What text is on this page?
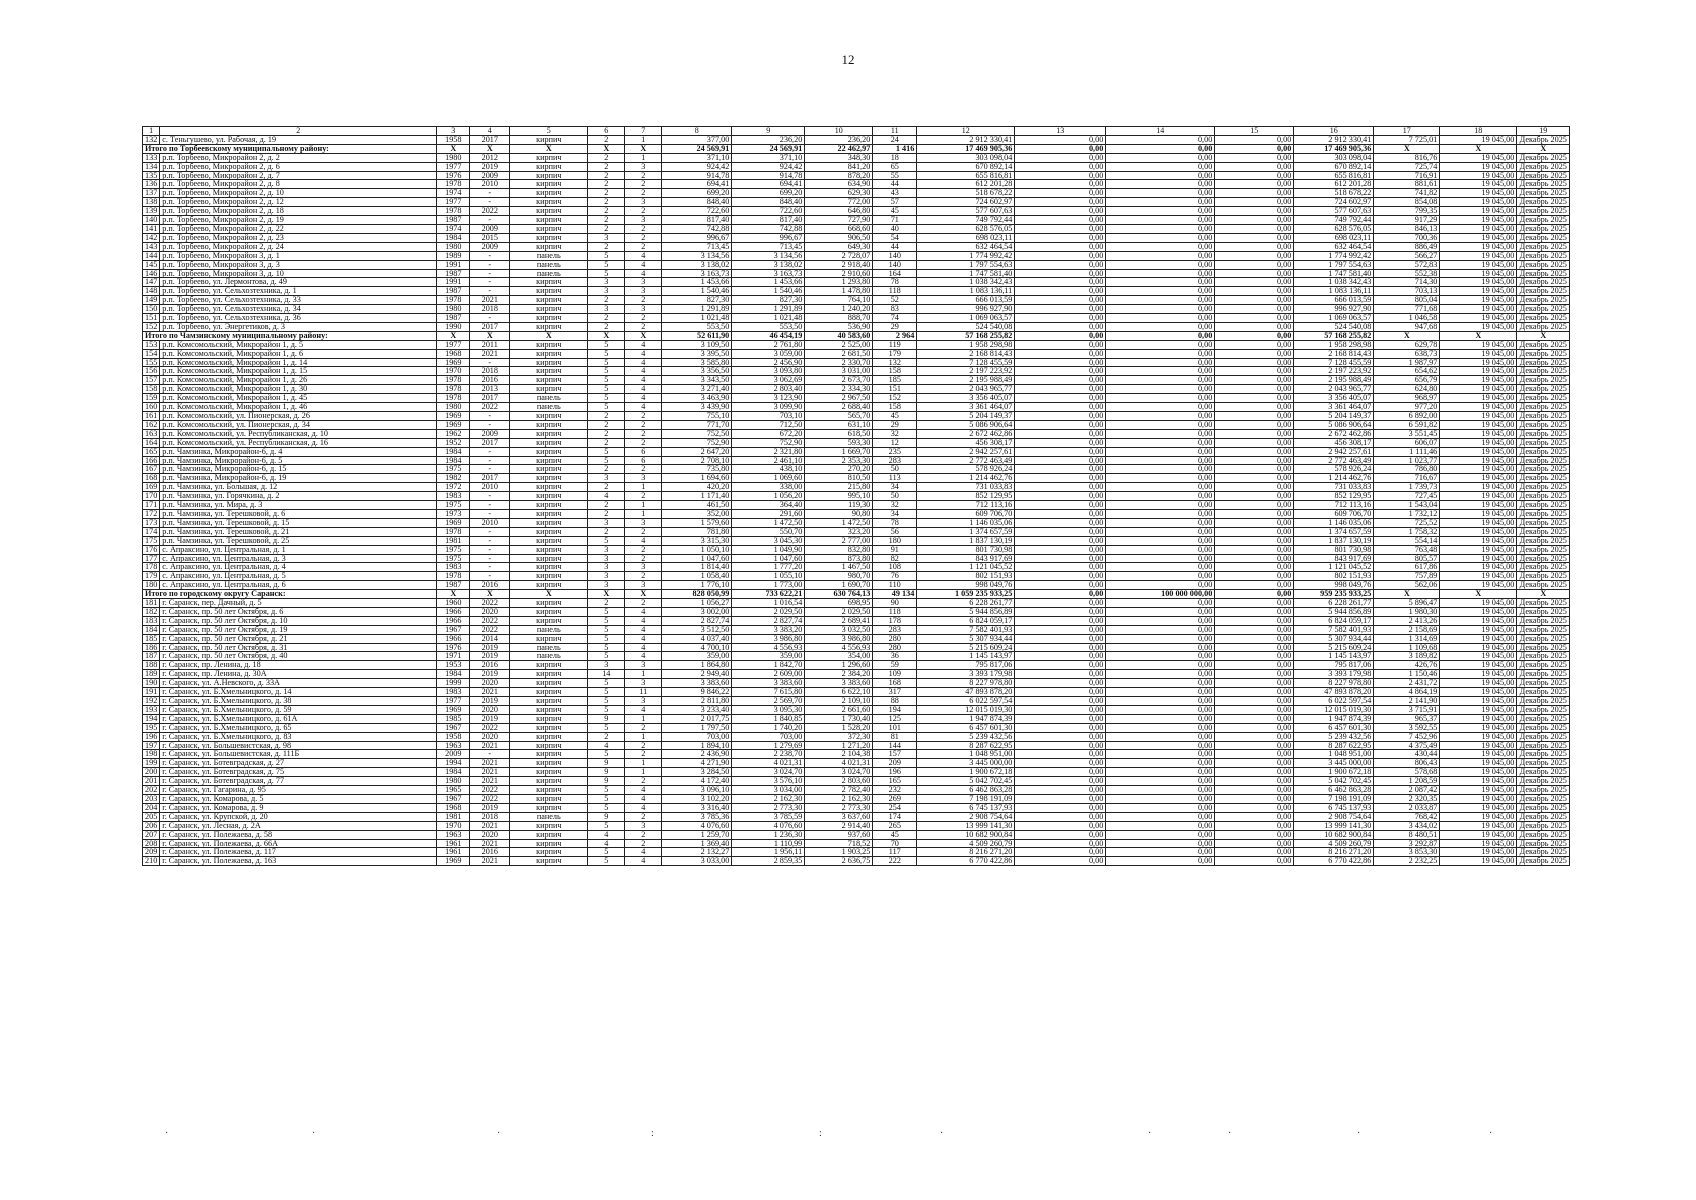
12
1	2	3	4	5	6	7	8	9	10	11	12	13	14	15	16	17	18	19
132	с. Теньгушево, ул. Рабочая, д. 19	1958	2017	кирпич	2	1	377,00	236,20	236,20	24	2 912 330,41	0,00	0,00	0,00	2 912 330,41	7 725,01	19 045,00	Декабрь 2025
Итого по Торбеевскому муниципальному району:		X	X	X	X	X	24 569,91	24 569,91	22 462,97	1 416	17 469 905,36	0,00	0,00	0,00	17 469 905,36	X	X	X
133	р.п. Торбеево, Микрорайон 2, д. 2	1980	2012	кирпич	2	1	371,10	371,10	348,30	18	303 098,04	0,00	0,00	0,00	303 098,04	816,76	19 045,00	Декабрь 2025
134	р.п. Торбеево, Микрорайон 2, д. 6	1977	2019	кирпич	2	3	924,42	924,42	841,20	65	670 892,14	0,00	0,00	0,00	670 892,14	725,74	19 045,00	Декабрь 2025
135	р.п. Торбеево, Микрорайон 2, д. 7	1976	2009	кирпич	2	2	914,78	914,78	878,20	55	655 816,81	0,00	0,00	0,00	655 816,81	716,91	19 045,00	Декабрь 2025
136	р.п. Торбеево, Микрорайон 2, д. 8	1978	2010	кирпич	2	2	694,41	694,41	634,90	44	612 201,28	0,00	0,00	0,00	612 201,28	881,61	19 045,00	Декабрь 2025
137	р.п. Торбеево, Микрорайон 2, д. 10	1974	-	кирпич	2	2	699,20	699,20	629,30	43	518 678,22	0,00	0,00	0,00	518 678,22	741,82	19 045,00	Декабрь 2025
138	р.п. Торбеево, Микрорайон 2, д. 12	1977	-	кирпич	2	3	848,40	848,40	772,00	57	724 602,97	0,00	0,00	0,00	724 602,97	854,08	19 045,00	Декабрь 2025
139	р.п. Торбеево, Микрорайон 2, д. 18	1978	2022	кирпич	2	2	722,60	722,60	646,80	45	577 607,63	0,00	0,00	0,00	577 607,63	799,35	19 045,00	Декабрь 2025
140	р.п. Торбеево, Микрорайон 2, д. 19	1987	-	кирпич	2	3	817,40	817,40	727,90	71	749 792,44	0,00	0,00	0,00	749 792,44	917,29	19 045,00	Декабрь 2025
141	р.п. Торбеево, Микрорайон 2, д. 22	1974	2009	кирпич	2	2	742,88	742,88	668,60	40	628 576,05	0,00	0,00	0,00	628 576,05	846,13	19 045,00	Декабрь 2025
142	р.п. Торбеево, Микрорайон 2, д. 23	1984	2015	кирпич	3	2	996,67	996,67	906,50	54	698 023,11	0,00	0,00	0,00	698 023,11	700,36	19 045,00	Декабрь 2025
143	р.п. Торбеево, Микрорайон 2, д. 24	1980	2009	кирпич	2	2	713,45	713,45	649,30	44	632 464,54	0,00	0,00	0,00	632 464,54	886,49	19 045,00	Декабрь 2025
144	р.п. Торбеево, Микрорайон 3, д. 1	1989	-	панель	5	4	3 134,56	3 134,56	2 728,07	140	1 774 992,42	0,00	0,00	0,00	1 774 992,42	566,27	19 045,00	Декабрь 2025
145	р.п. Торбеево, Микрорайон 3, д. 3	1991	-	панель	5	4	3 138,02	3 138,02	2 918,40	140	1 797 554,63	0,00	0,00	0,00	1 797 554,63	572,83	19 045,00	Декабрь 2025
146	р.п. Торбеево, Микрорайон 3, д. 10	1987	-	панель	5	4	3 163,73	3 163,73	2 910,60	164	1 747 581,40	0,00	0,00	0,00	1 747 581,40	552,38	19 045,00	Декабрь 2025
147	р.п. Торбеево, ул. Лермонтова, д. 49	1991	-	кирпич	3	3	1 453,66	1 453,66	1 293,80	78	1 038 342,43	0,00	0,00	0,00	1 038 342,43	714,30	19 045,00	Декабрь 2025
148	р.п. Торбеево, ул. Сельхозтехника, д. 1	1987	-	кирпич	3	3	1 540,46	1 540,46	1 478,80	118	1 083 136,11	0,00	0,00	0,00	1 083 136,11	703,13	19 045,00	Декабрь 2025
149	р.п. Торбеево, ул. Сельхозтехника, д. 33	1978	2021	кирпич	2	2	827,30	827,30	764,10	52	666 013,59	0,00	0,00	0,00	666 013,59	805,04	19 045,00	Декабрь 2025
150	р.п. Торбеево, ул. Сельхозтехника, д. 34	1980	2018	кирпич	3	3	1 291,89	1 291,89	1 240,20	83	996 927,90	0,00	0,00	0,00	996 927,90	771,68	19 045,00	Декабрь 2025
151	р.п. Торбеево, ул. Сельхозтехника, д. 36	1987	-	кирпич	2	2	1 021,48	1 021,48	888,70	74	1 069 063,57	0,00	0,00	0,00	1 069 063,57	1 046,58	19 045,00	Декабрь 2025
152	р.п. Торбеево, ул. Энергетиков, д. 3	1990	2017	кирпич	2	2	553,50	553,50	536,90	29	524 540,08	0,00	0,00	0,00	524 540,08	947,68	19 045,00	Декабрь 2025
Итого по Чамзинскому муниципальному району:		X	X	X	X	X	52 611,90	46 454,19	40 583,60	2 964	57 168 255,82	0,00	0,00	0,00	57 168 255,82	X	X	X
153	р.п. Комсомольский, Микрорайон 1, д. 5	1977	2011	кирпич	5	4	3 109,50	2 761,80	2 525,00	119	1 958 298,98	0,00	0,00	0,00	1 958 298,98	629,78	19 045,00	Декабрь 2025
154	р.п. Комсомольский, Микрорайон 1, д. 6	1968	2021	кирпич	5	4	3 395,50	3 059,00	2 681,50	179	2 168 814,43	0,00	0,00	0,00	2 168 814,43	638,73	19 045,00	Декабрь 2025
155	р.п. Комсомольский, Микрорайон 1, д. 14	1969	-	кирпич	5	4	3 585,80	2 456,90	2 330,70	132	7 128 455,59	0,00	0,00	0,00	7 128 455,59	1 987,97	19 045,00	Декабрь 2025
156	р.п. Комсомольский, Микрорайон 1, д. 15	1970	2018	кирпич	5	4	3 356,50	3 093,80	3 031,00	158	2 197 223,92	0,00	0,00	0,00	2 197 223,92	654,62	19 045,00	Декабрь 2025
157	р.п. Комсомольский, Микрорайон 1, д. 26	1978	2016	кирпич	5	4	3 343,50	3 062,69	2 673,70	185	2 195 988,49	0,00	0,00	0,00	2 195 988,49	656,79	19 045,00	Декабрь 2025
158	р.п. Комсомольский, Микрорайон 1, д. 30	1978	2013	кирпич	5	4	3 271,40	2 803,40	2 334,30	151	2 043 965,77	0,00	0,00	0,00	2 043 965,77	624,80	19 045,00	Декабрь 2025
159	р.п. Комсомольский, Микрорайон 1, д. 45	1978	2017	панель	5	4	3 463,90	3 123,90	2 967,50	152	3 356 405,07	0,00	0,00	0,00	3 356 405,07	968,97	19 045,00	Декабрь 2025
160	р.п. Комсомольский, Микрорайон 1, д. 46	1980	2022	панель	5	4	3 439,90	3 099,90	2 688,40	158	3 361 464,07	0,00	0,00	0,00	3 361 464,07	977,20	19 045,00	Декабрь 2025
161	р.п. Комсомольский, ул. Пионерская, д. 26	1969	-	кирпич	2	2	755,10	703,10	565,70	45	5 204 149,37	0,00	0,00	0,00	5 204 149,37	6 892,00	19 045,00	Декабрь 2025
162	р.п. Комсомольский, ул. Пионерская, д. 34	1969	-	кирпич	2	2	771,70	712,50	631,10	29	5 086 906,64	0,00	0,00	0,00	5 086 906,64	6 591,82	19 045,00	Декабрь 2025
163	р.п. Комсомольский, ул. Республиканская, д. 10	1962	2009	кирпич	2	2	752,50	672,20	618,50	32	2 672 462,86	0,00	0,00	0,00	2 672 462,86	3 551,45	19 045,00	Декабрь 2025
164	р.п. Комсомольский, ул. Республиканская, д. 16	1952	2017	кирпич	2	2	752,90	752,90	593,30	12	456 308,17	0,00	0,00	0,00	456 308,17	606,07	19 045,00	Декабрь 2025
165	р.п. Чамзинка, Микрорайон-6, д. 4	1984	-	кирпич	5	6	2 647,20	2 321,80	1 669,70	235	2 942 257,61	0,00	0,00	0,00	2 942 257,61	1 111,46	19 045,00	Декабрь 2025
166	р.п. Чамзинка, Микрорайон-6, д. 5	1984	-	кирпич	5	6	2 708,10	2 461,10	2 353,30	283	2 772 463,49	0,00	0,00	0,00	2 772 463,49	1 023,77	19 045,00	Декабрь 2025
167	р.п. Чамзинка, Микрорайон-6, д. 15	1975	-	кирпич	2	2	735,80	438,10	270,20	50	578 926,24	0,00	0,00	0,00	578 926,24	786,80	19 045,00	Декабрь 2025
168	р.п. Чамзинка, Микрорайон-6, д. 19	1982	2017	кирпич	3	3	1 694,60	1 069,60	810,50	113	1 214 462,76	0,00	0,00	0,00	1 214 462,76	716,67	19 045,00	Декабрь 2025
169	р.п. Чамзинка, ул. Большая, д. 12	1972	2010	кирпич	2	1	420,20	338,00	215,80	34	731 033,83	0,00	0,00	0,00	731 033,83	1 739,73	19 045,00	Декабрь 2025
170	р.п. Чамзинка, ул. Горячкина, д. 2	1983	-	кирпич	4	2	1 171,40	1 056,20	995,10	50	852 129,95	0,00	0,00	0,00	852 129,95	727,45	19 045,00	Декабрь 2025
171	р.п. Чамзинка, ул. Мира, д. 3	1975	-	кирпич	2	1	461,50	364,40	119,30	32	712 113,16	0,00	0,00	0,00	712 113,16	1 543,04	19 045,00	Декабрь 2025
172	р.п. Чамзинка, ул. Терешковой, д. 6	1973	-	кирпич	2	1	352,00	291,60	90,80	34	609 706,70	0,00	0,00	0,00	609 706,70	1 732,12	19 045,00	Декабрь 2025
173	р.п. Чамзинка, ул. Терешковой, д. 15	1969	2010	кирпич	3	3	1 579,60	1 472,50	1 472,50	78	1 146 035,06	0,00	0,00	0,00	1 146 035,06	725,52	19 045,00	Декабрь 2025
174	р.п. Чамзинка, ул. Терешковой, д. 21	1978	-	кирпич	2	2	781,80	550,70	323,20	56	1 374 657,59	0,00	0,00	0,00	1 374 657,59	1 758,32	19 045,00	Декабрь 2025
175	р.п. Чамзинка, ул. Терешковой, д. 25	1981	-	кирпич	5	4	3 315,30	3 045,30	2 777,00	180	1 837 130,19	0,00	0,00	0,00	1 837 130,19	554,14	19 045,00	Декабрь 2025
176	с. Апраксино, ул. Центральная, д. 1	1975	-	кирпич	3	2	1 050,10	1 049,90	832,80	91	801 730,98	0,00	0,00	0,00	801 730,98	763,48	19 045,00	Декабрь 2025
177	с. Апраксино, ул. Центральная, д. 3	1975	-	кирпич	3	2	1 047,60	1 047,60	873,80	82	843 917,69	0,00	0,00	0,00	843 917,69	805,57	19 045,00	Декабрь 2025
178	с. Апраксино, ул. Центральная, д. 4	1983	-	кирпич	3	3	1 814,40	1 777,20	1 467,50	108	1 121 045,52	0,00	0,00	0,00	1 121 045,52	617,86	19 045,00	Декабрь 2025
179	с. Апраксино, ул. Центральная, д. 5	1978	-	кирпич	3	2	1 058,40	1 055,10	980,70	76	802 151,93	0,00	0,00	0,00	802 151,93	757,89	19 045,00	Декабрь 2025
180	с. Апраксино, ул. Центральная, д. 6	1987	2016	кирпич	3	3	1 776,10	1 773,00	1 690,70	110	998 049,76	0,00	0,00	0,00	998 049,76	562,06	19 045,00	Декабрь 2025
Итого по городскому округу Саранск:		X	X	X	X	X	828 050,99	733 622,21	630 764,13	49 134	1 059 235 933,25	0,00	100 000 000,00	0,00	959 235 933,25	X	X	X
181	г. Саранск, пер. Дачный, д. 5	1960	2022	кирпич	2	2	1 056,27	1 016,54	698,95	90	6 228 261,77	0,00	0,00	0,00	6 228 261,77	5 896,47	19 045,00	Декабрь 2025
182	г. Саранск, пр. 50 лет Октября, д. 6	1966	2020	кирпич	5	4	3 002,00	2 029,50	2 029,50	118	5 944 856,89	0,00	0,00	0,00	5 944 856,89	1 980,30	19 045,00	Декабрь 2025
183	г. Саранск, пр. 50 лет Октября, д. 10	1966	2022	кирпич	5	4	2 827,74	2 827,74	2 689,41	178	6 824 059,17	0,00	0,00	0,00	6 824 059,17	2 413,26	19 045,00	Декабрь 2025
184	г. Саранск, пр. 50 лет Октября, д. 19	1967	2022	панель	5	4	3 512,50	3 383,20	3 032,50	283	7 582 401,93	0,00	0,00	0,00	7 582 401,93	2 158,69	19 045,00	Декабрь 2025
185	г. Саранск, пр. 50 лет Октября, д. 21	1966	2014	кирпич	5	4	4 037,40	3 986,80	3 986,80	280	5 307 934,44	0,00	0,00	0,00	5 307 934,44	1 314,69	19 045,00	Декабрь 2025
186	г. Саранск, пр. 50 лет Октября, д. 31	1976	2019	панель	5	4	4 700,10	4 556,93	4 556,93	280	5 215 609,24	0,00	0,00	0,00	5 215 609,24	1 109,68	19 045,00	Декабрь 2025
187	г. Саранск, пр. 50 лет Октября, д. 40	1971	2019	панель	5	4	359,00	359,00	354,00	36	1 145 143,97	0,00	0,00	0,00	1 145 143,97	3 189,82	19 045,00	Декабрь 2025
188	г. Саранск, пр. Ленина, д. 18	1953	2016	кирпич	3	3	1 864,80	1 842,70	1 296,60	59	795 817,06	0,00	0,00	0,00	795 817,06	426,76	19 045,00	Декабрь 2025
189	г. Саранск, пр. Ленина, д. 30А	1984	2019	кирпич	14	1	2 949,40	2 609,00	2 384,20	109	3 393 179,98	0,00	0,00	0,00	3 393 179,98	1 150,46	19 045,00	Декабрь 2025
190	г. Саранск, ул. А.Невского, д. 33А	1999	2020	кирпич	5	3	3 383,60	3 383,60	3 383,60	168	8 227 978,80	0,00	0,00	0,00	8 227 978,80	2 431,72	19 045,00	Декабрь 2025
191	г. Саранск, ул. Б.Хмельницкого, д. 14	1983	2021	кирпич	5	11	9 846,22	7 615,80	6 622,10	317	47 893 878,20	0,00	0,00	0,00	47 893 878,20	4 864,19	19 045,00	Декабрь 2025
192	г. Саранск, ул. Б.Хмельницкого, д. 38	1977	2019	кирпич	5	3	2 811,80	2 569,70	2 109,10	88	6 022 597,54	0,00	0,00	0,00	6 022 597,54	2 141,90	19 045,00	Декабрь 2025
193	г. Саранск, ул. Б.Хмельницкого, д. 59	1969	2020	кирпич	5	4	3 233,40	3 095,30	2 661,60	194	12 015 019,30	0,00	0,00	0,00	12 015 019,30	3 715,91	19 045,00	Декабрь 2025
194	г. Саранск, ул. Б.Хмельницкого, д. 61А	1985	2019	кирпич	9	1	2 017,75	1 840,85	1 730,40	125	1 947 874,39	0,00	0,00	0,00	1 947 874,39	965,37	19 045,00	Декабрь 2025
195	г. Саранск, ул. Б.Хмельницкого, д. 65	1967	2022	кирпич	5	2	1 797,50	1 740,20	1 528,20	101	6 457 601,30	0,00	0,00	0,00	6 457 601,30	3 592,55	19 045,00	Декабрь 2025
196	г. Саранск, ул. Б.Хмельницкого, д. 83	1958	2020	кирпич	2	1	703,00	703,00	372,30	81	5 239 432,56	0,00	0,00	0,00	5 239 432,56	7 452,96	19 045,00	Декабрь 2025
197	г. Саранск, ул. Большевистская, д. 98	1963	2021	кирпич	4	2	1 894,10	1 279,69	1 271,20	144	8 287 622,95	0,00	0,00	0,00	8 287 622,95	4 375,49	19 045,00	Декабрь 2025
198	г. Саранск, ул. Большевистская, д. 111Б	2009	-	кирпич	5	2	2 436,90	2 238,70	2 104,38	157	1 048 951,00	0,00	0,00	0,00	1 048 951,00	430,44	19 045,00	Декабрь 2025
199	г. Саранск, ул. Ботевградская, д. 27	1994	2021	кирпич	9	1	4 271,90	4 021,31	4 021,31	209	3 445 000,00	0,00	0,00	0,00	3 445 000,00	806,43	19 045,00	Декабрь 2025
200	г. Саранск, ул. Ботевградская, д. 75	1984	2021	кирпич	9	1	3 284,50	3 024,70	3 024,70	196	1 900 672,18	0,00	0,00	0,00	1 900 672,18	578,68	19 045,00	Декабрь 2025
201	г. Саранск, ул. Ботевградская, д. 77	1980	2021	кирпич	9	2	4 172,40	3 576,10	2 803,60	165	5 042 702,45	0,00	0,00	0,00	5 042 702,45	1 208,59	19 045,00	Декабрь 2025
202	г. Саранск, ул. Гагарина, д. 95	1965	2022	кирпич	5	4	3 096,10	3 034,00	2 782,40	232	6 462 863,28	0,00	0,00	0,00	6 462 863,28	2 087,42	19 045,00	Декабрь 2025
203	г. Саранск, ул. Комарова, д. 5	1967	2022	кирпич	5	4	3 102,20	2 162,30	2 162,30	269	7 198 191,09	0,00	0,00	0,00	7 198 191,09	2 320,35	19 045,00	Декабрь 2025
204	г. Саранск, ул. Комарова, д. 9	1968	2019	кирпич	5	4	3 316,40	2 773,30	2 773,30	254	6 745 137,93	0,00	0,00	0,00	6 745 137,93	2 033,87	19 045,00	Декабрь 2025
205	г. Саранск, ул. Крупской, д. 20	1981	2018	панель	9	2	3 785,36	3 785,59	3 637,60	174	2 908 754,64	0,00	0,00	0,00	2 908 754,64	768,42	19 045,00	Декабрь 2025
206	г. Саранск, ул. Лесная, д. 2А	1970	2021	кирпич	5	3	4 076,60	4 076,60	2 914,40	265	13 999 141,30	0,00	0,00	0,00	13 999 141,30	3 434,02	19 045,00	Декабрь 2025
207	г. Саранск, ул. Полежаева, д. 58	1963	2020	кирпич	4	2	1 259,70	1 236,30	937,60	45	10 682 900,84	0,00	0,00	0,00	10 682 900,84	8 480,51	19 045,00	Декабрь 2025
208	г. Саранск, ул. Полежаева, д. 66А	1961	2021	кирпич	4	2	1 369,40	1 110,99	718,52	70	4 509 260,79	0,00	0,00	0,00	4 509 260,79	3 292,87	19 045,00	Декабрь 2025
209	г. Саранск, ул. Полежаева, д. 117	1961	2016	кирпич	5	4	2 132,27	1 956,11	1 903,25	117	8 216 271,20	0,00	0,00	0,00	8 216 271,20	3 853,30	19 045,00	Декабрь 2025
210	г. Саранск, ул. Полежаева, д. 163	1969	2021	кирпич	5	4	3 033,00	2 859,35	2 636,75	222	6 770 422,86	0,00	0,00	0,00	6 770 422,86	2 232,25	19 045,00	Декабрь 2025
·	·	·	:	:	·	·	·	·	·
